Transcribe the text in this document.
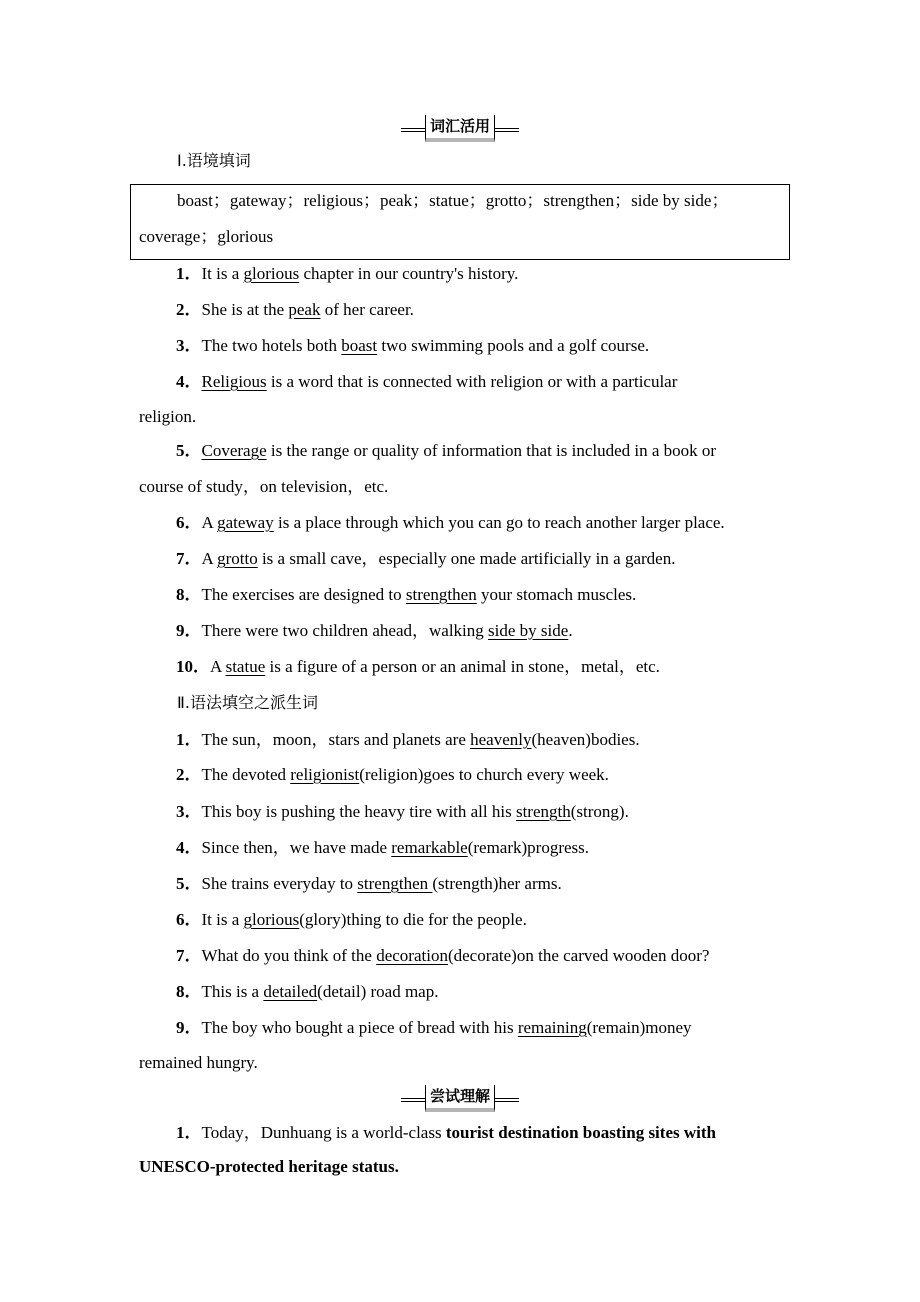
词汇活用
Ⅰ.语境填词
boast；gateway；religious；peak；statue；grotto；strengthen；side by side；
coverage；glorious
1．It is a glorious chapter in our country's history.
2．She is at the peak of her career.
3．The two hotels both boast two swimming pools and a golf course.
4．Religious is a word that is connected with religion or with a particular
religion.
5．Coverage is the range or quality of information that is included in a book or
course of study，on television，etc.
6．A gateway is a place through which you can go to reach another larger place.
7．A grotto is a small cave，especially one made artificially in a garden.
8．The exercises are designed to strengthen your stomach muscles.
9．There were two children ahead，walking side by side.
10．A statue is a figure of a person or an animal in stone，metal，etc.
Ⅱ.语法填空之派生词
1．The sun，moon，stars and planets are heavenly(heaven)bodies.
2．The devoted religionist(religion)goes to church every week.
3．This boy is pushing the heavy tire with all his strength(strong).
4．Since then，we have made remarkable(remark)progress.
5．She trains everyday to strengthen (strength)her arms.
6．It is a glorious(glory)thing to die for the people.
7．What do you think of the decoration(decorate)on the carved wooden door?
8．This is a detailed(detail) road map.
9．The boy who bought a piece of bread with his remaining(remain)money
remained hungry.
尝试理解
1．Today，Dunhuang is a world-class tourist destination boasting sites with
UNESCO-protected heritage status.
